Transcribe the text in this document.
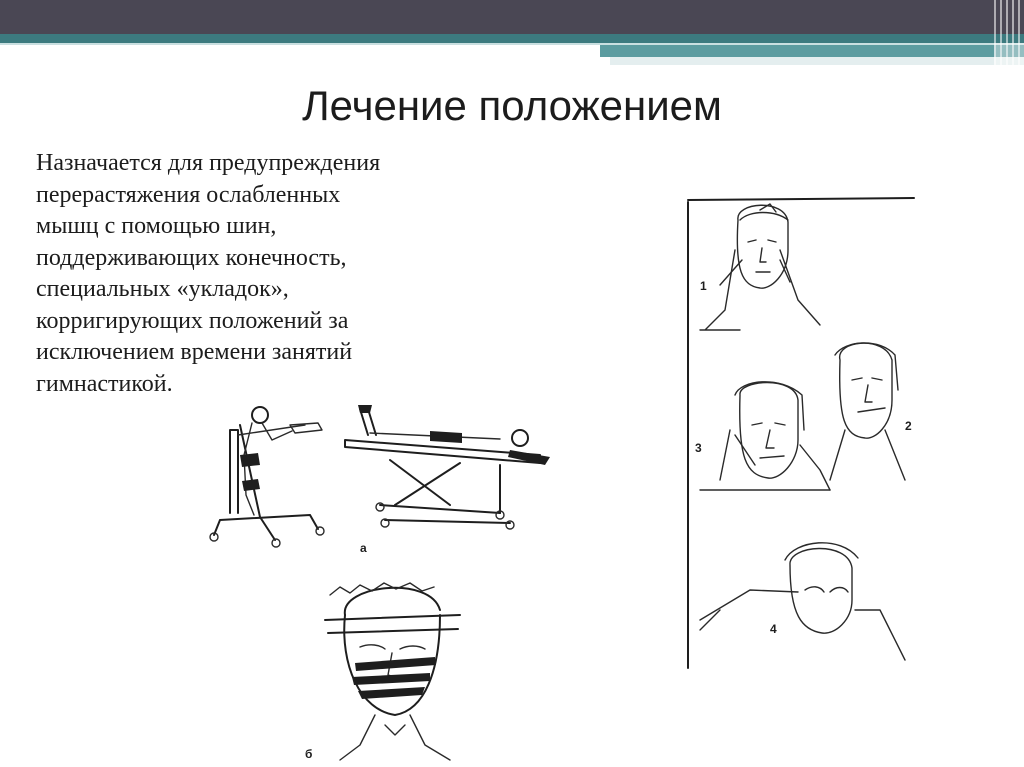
Лечение положением
Назначается для предупреждения
перерастяжения ослабленных
мышц с помощью шин,
поддерживающих конечность,
специальных «укладок»,
корригирующих положений за
исключением времени занятий
гимнастикой.
а
б
1
2
3
4
